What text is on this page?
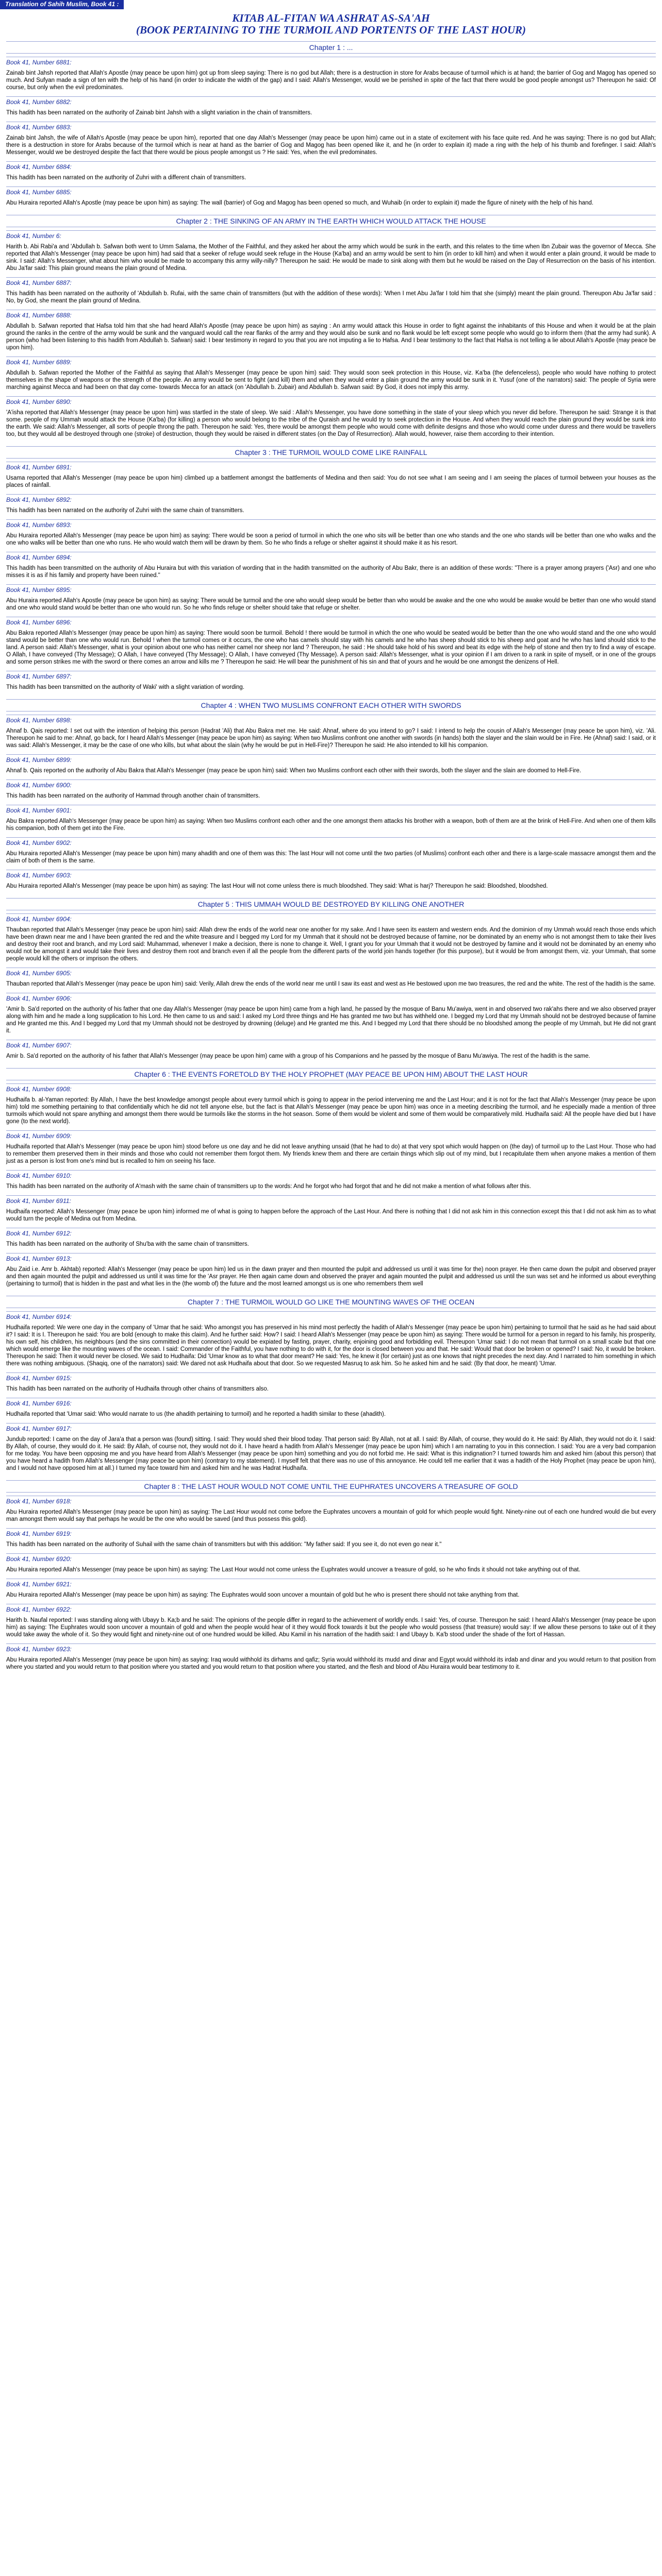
Translation of Sahih Muslim, Book 41 :
KITAB AL-FITAN WA ASHRAT AS-SA'AH
(BOOK PERTAINING TO THE TURMOIL AND PORTENTS OF THE LAST HOUR)
Chapter 1 : ...
Book 41, Number 6881:
Zainab bint Jahsh reported that Allah's Apostle (may peace be upon him) got up from sleep saying: There is no god but Allah; there is a destruction in store for Arabs because of turmoil which is at hand; the barrier of Gog and Magog has opened so much. And Sufyan made a sign of ten with the help of his hand (in order to indicate the width of the gap) and I said: Allah's Messenger, would we be perished in spite of the fact that there would be good people amongst us? Thereupon he said: Of course, but only when the evil predominates.
Book 41, Number 6882:
This hadith has been narrated on the authority of Zainab bint Jahsh with a slight variation in the chain of transmitters.
Book 41, Number 6883:
Zainab bint Jahsh, the wife of Allah's Apostle (may peace be upon him), reported that one day Allah's Messenger (may peace be upon him) came out in a state of excitement with his face quite red. And he was saying: There is no god but Allah; there is a destruction in store for Arabs because of the turmoil which is near at hand as the barrier of Gog and Magog has been opened like it, and he (in order to explain it) made a ring with the help of his thumb and forefinger. I said: Allah's Messenger, would we be destroyed despite the fact that there would be pious people amongst us ? He said: Yes, when the evil predominates.
Book 41, Number 6884:
This hadith has been narrated on the authority of Zuhri with a different chain of transmitters.
Book 41, Number 6885:
Abu Huraira reported Allah's Apostle (may peace be upon him) as saying: The wall (barrier) of Gog and Magog has been opened so much, and Wuhaib (in order to explain it) made the figure of ninety with the help of his hand.
Chapter 2 : THE SINKING OF AN ARMY IN THE EARTH WHICH WOULD ATTACK THE HOUSE
Book 41, Number 6:
Harith b. Abi Rabi'a and 'Abdullah b. Safwan both went to Umm Salama, the Mother of the Faithful, and they asked her about the army which would be sunk in the earth, and this relates to the time when Ibn Zubair was the governor of Mecca. She reported that Allah's Messenger (may peace be upon him) had said that a seeker of refuge would seek refuge in the House (Ka'ba) and an army would be sent to him (in order to kill him) and when it would enter a plain ground, it would be made to sink. I said: Allah's Messenger, what about him who would be made to accompany this army willy-nilly? Thereupon he said: He would be made to sink along with them but he would be raised on the Day of Resurrection on the basis of his intention. Abu Ja'far said: This plain ground means the plain ground of Medina.
Book 41, Number 6887:
This hadith has been narrated on the authority of 'Abdullah b. Rufai, with the same chain of transmitters (but with the addition of these words): 'When I met Abu Ja'far I told him that she (simply) meant the plain ground. Thereupon Abu Ja'far said : No, by God, she meant the plain ground of Medina.
Book 41, Number 6888:
Abdullah b. Safwan reported that Hafsa told him that she had heard Allah's Apostle (may peace be upon him) as saying : An army would attack this House in order to fight against the inhabitants of this House and when it would be at the plain ground the ranks in the centre of the army would be sunk and the vanguard would call the rear flanks of the army and they would also be sunk and no flank would be left except some people who would go to inform them (that the army had sunk). A person (who had been listening to this hadith from Abdullah b. Safwan) said: I bear testimony in regard to you that you are not imputing a lie to Hafsa. And I bear testimony to the fact that Hafsa is not telling a lie about Allah's Apostle (may peace be upon him).
Book 41, Number 6889:
Abdullah b. Safwan reported the Mother of the Faithful as saying that Allah's Messenger (may peace be upon him) said: They would soon seek protection in this House, viz. Ka'ba (the defenceless), people who would have nothing to protect themselves in the shape of weapons or the strength of the people. An army would be sent to fight (and kill) them and when they would enter a plain ground the army would be sunk in it. Yusuf (one of the narrators) said: The people of Syria were marching against Mecca and had been on that day come- towards Mecca for an attack (on 'Abdullah b. Zubair) and Abdullah b. Safwan said: By God, it does not imply this army.
Book 41, Number 6890:
'A'isha reported that Allah's Messenger (may peace be upon him) was startled in the state of sleep. We said : Allah's Messenger, you have done something in the state of your sleep which you never did before. Thereupon he said: Strange it is that some. people of my Ummah would attack the House (Ka'ba) (for killing) a person who would belong to the tribe of the Quraish and he would try to seek protection in the House. And when they would reach the plain ground they would be sunk into the earth. We said: Allah's Messenger, all sorts of people throng the path. Thereupon he said: Yes, there would be amongst them people who would come with definite designs and those who would come under duress and there would be travellers too, but they would all be destroyed through one (stroke) of destruction, though they would be raised in different states (on the Day of Resurrection). Allah would, however, raise them according to their intention.
Chapter 3 : THE TURMOIL WOULD COME LIKE RAINFALL
Book 41, Number 6891:
Usama reported that Allah's Messenger (may peace be upon him) climbed up a battlement amongst the battlements of Medina and then said: You do not see what I am seeing and I am seeing the places of turmoil between your houses as the places of rainfall.
Book 41, Number 6892:
This hadith has been narrated on the authority of Zuhri with the same chain of transmitters.
Book 41, Number 6893:
Abu Huraira reported Allah's Messenger (may peace be upon him) as saying: There would be soon a period of turmoil in which the one who sits will be better than one who stands and the one who stands will be better than one who walks and the one who walks will be better than one who runs. He who would watch them will be drawn by them. So he who finds a refuge or shelter against it should make it as his resort.
Book 41, Number 6894:
This hadith has been transmitted on the authority of Abu Huraira but with this variation of wording that in the hadith transmitted on the authority of Abu Bakr, there is an addition of these words: "There is a prayer among prayers ('Asr) and one who misses it is as if his family and property have been ruined."
Book 41, Number 6895:
Abu Huraira reported Allah's Apostle (may peace be upon him) as saying: There would be turmoil and the one who would sleep would be better than who would be awake and the one who would be awake would be better than one who would stand and one who would stand would be better than one who would run. So he who finds refuge or shelter should take that refuge or shelter.
Book 41, Number 6896:
Abu Bakra reported Allah's Messenger (may peace be upon him) as saying: There would soon be turmoil. Behold ! there would be turmoil in which the one who would be seated would be better than the one who would stand and the one who would stand would be better than one who would run. Behold ! when the turmoil comes or it occurs, the one who has camels should stay with his camels and he who has sheep should stick to his sheep and goat and he who has land should stick to the land. A person said: Allah's Messenger, what is your opinion about one who has neither camel nor sheep nor land ? Thereupon, he said : He should take hold of his sword and beat its edge with the help of stone and then try to find a way of escape. O Allah, I have conveyed (Thy Message); O Allah, I have conveyed (Thy Message); O Allah, I have conveyed (Thy Message). A person said: Allah's Messenger, what is your opinion if I am driven to a rank in spite of myself, or in one of the groups and some person strikes me with the sword or there comes an arrow and kills me ? Thereupon he said: He will bear the punishment of his sin and that of yours and he would be one amongst the denizens of Hell.
Book 41, Number 6897:
This hadith has been transmitted on the authority of Waki' with a slight variation of wording.
Chapter 4 : WHEN TWO MUSLIMS CONFRONT EACH OTHER WITH SWORDS
Book 41, Number 6898:
Ahnaf b. Qais reported: I set out with the intention of helping this person (Hadrat 'Ali) that Abu Bakra met me. He said: Ahnaf, where do you intend to go? I said: I intend to help the cousin of Allah's Messenger (may peace be upon him), viz. 'Ali. Thereupon he said to me: Ahnaf, go back, for I heard Allah's Messenger (may peace be upon him) as saying: When two Muslims confront one another with swords (in hands) both the slayer and the slain would be in Fire. He (Ahnaf) said: I said, or it was said: Allah's Messenger, it may be the case of one who kills, but what about the slain (why he would be put in Hell-Fire)? Thereupon he said: He also intended to kill his companion.
Book 41, Number 6899:
Ahnaf b. Qais reported on the authority of Abu Bakra that Allah's Messenger (may peace be upon him) said: When two Muslims confront each other with their swords, both the slayer and the slain are doomed to Hell-Fire.
Book 41, Number 6900:
This hadith has been narrated on the authority of Hammad through another chain of transmitters.
Book 41, Number 6901:
Abu Bakra reported Allah's Messenger (may peace be upon him) as saying: When two Muslims confront each other and the one amongst them attacks his brother with a weapon, both of them are at the brink of Hell-Fire. And when one of them kills his companion, both of them get into the Fire.
Book 41, Number 6902:
Abu Huraira reported Allah's Messenger (may peace be upon him) many ahadith and one of them was this: The last Hour will not come until the two parties (of Muslims) confront each other and there is a large-scale massacre amongst them and the claim of both of them is the same.
Book 41, Number 6903:
Abu Huraira reported Allah's Messenger (may peace be upon him) as saying: The last Hour will not come unless there is much bloodshed. They said: What is harj? Thereupon he said: Bloodshed, bloodshed.
Chapter 5 : THIS UMMAH WOULD BE DESTROYED BY KILLING ONE ANOTHER
Book 41, Number 6904:
Thauban reported that Allah's Messenger (may peace be upon him) said: Allah drew the ends of the world near one another for my sake. And I have seen its eastern and western ends. And the dominion of my Ummah would reach those ends which have been drawn near me and I have been granted the red and the white treasure and I begged my Lord for my Ummah that it should not be destroyed because of famine, nor be dominated by an enemy who is not amongst them to take their lives and destroy their root and branch, and my Lord said: Muhammad, whenever I make a decision, there is none to change it. Well, I grant you for your Ummah that it would not be destroyed by famine and it would not be dominated by an enemy who would not be amongst it and would take their lives and destroy them root and branch even if all the people from the different parts of the world join hands together (for this purpose), but it would be from amongst them, viz. your Ummah, that some people would kill the others or imprison the others.
Book 41, Number 6905:
Thauban reported that Allah's Messenger (may peace be upon him) said: Verily, Allah drew the ends of the world near me until I saw its east and west as He bestowed upon me two treasures, the red and the white. The rest of the hadith is the same.
Book 41, Number 6906:
'Amir b. Sa'd reported on the authority of his father that one day Allah's Messenger (may peace be upon him) came from a high land, he passed by the mosque of Banu Mu'awiya, went in and observed two rak'ahs there and we also observed prayer along with him and he made a long supplication to his Lord. He then came to us and said: I asked my Lord three things and He has granted me two but has withheld one. I begged my Lord that my Ummah should not be destroyed because of famine and He granted me this. And I begged my Lord that my Ummah should not be destroyed by drowning (deluge) and He granted me this. And I begged my Lord that there should be no bloodshed among the people of my Ummah, but He did not grant it.
Book 41, Number 6907:
Amir b. Sa'd reported on the authority of his father that Allah's Messenger (may peace be upon him) came with a group of his Companions and he passed by the mosque of Banu Mu'awiya. The rest of the hadith is the same.
Chapter 6 : THE EVENTS FORETOLD BY THE HOLY PROPHET (MAY PEACE BE UPON HIM) ABOUT THE LAST HOUR
Book 41, Number 6908:
Hudhaifa b. al-Yaman reported: By Allah, I have the best knowledge amongst people about every turmoil which is going to appear in the period intervening me and the Last Hour; and it is not for the fact that Allah's Messenger (may peace be upon him) told me something pertaining to that confidentially which he did not tell anyone else, but the fact is that Allah's Messenger (may peace be upon him) was once in a meeting describing the turmoil, and he especially made a mention of three turmoils which would not spare anything and amongst them there would be turmoils like the storms in the hot season. Some of them would be violent and some of them would be comparatively mild. Hudhaifa said: All the people have died but I have gone (to the next world).
Book 41, Number 6909:
Hudhaifa reported that Allah's Messenger (may peace be upon him) stood before us one day and he did not leave anything unsaid (that he had to do) at that very spot which would happen on (the day) of turmoil up to the Last Hour. Those who had to remember them preserved them in their minds and those who could not remember them forgot them. My friends knew them and there are certain things which slip out of my mind, but I recapitulate them when anyone makes a mention of them just as a person is lost from one's mind but is recalled to him on seeing his face.
Book 41, Number 6910:
This hadith has been narrated on the authority of A'mash with the same chain of transmitters up to the words: And he forgot who had forgot that and he did not make a mention of what follows after this.
Book 41, Number 6911:
Hudhaifa reported: Allah's Messenger (may peace be upon him) informed me of what is going to happen before the approach of the Last Hour. And there is nothing that I did not ask him in this connection except this that I did not ask him as to what would turn the people of Medina out from Medina.
Book 41, Number 6912:
This hadith has been narrated on the authority of Shu'ba with the same chain of transmitters.
Book 41, Number 6913:
Abu Zaid i.e. Amr b. Akhtab) reported: Allah's Messenger (may peace be upon him) led us in the dawn prayer and then mounted the pulpit and addressed us until it was time for the) noon prayer. He then came down the pulpit and observed prayer and then again mounted the pulpit and addressed us until it was time for the 'Asr prayer. He then again came down and observed the prayer and again mounted the pulpit and addressed us until the sun was set and he informed us about everything (pertaining to turmoil) that is hidden in the past and what lies in the (the womb of) the future and the most learned amongst us is one who remembers them well
Chapter 7 : THE TURMOIL WOULD GO LIKE THE MOUNTING WAVES OF THE OCEAN
Book 41, Number 6914:
Hudhaifa reported: We were one day in the company of 'Umar that he said: Who amongst you has preserved in his mind most perfectly the hadith of Allah's Messenger (may peace be upon him) pertaining to turmoil that he said as he had said about it? I said: It is I. Thereupon he said: You are bold (enough to make this claim). And he further said: How? I said: I heard Allah's Messenger (may peace be upon him) as saying: There would be turmoil for a person in regard to his family, his prosperity, his own self, his children, his neighbours (and the sins committed in their connection) would be expiated by fasting, prayer, charity, enjoining good and forbidding evil. Thereupon 'Umar said: I do not mean that turmoil on a small scale but that one which would emerge like the mounting waves of the ocean. I said: Commander of the Faithful, you have nothing to do with it, for the door is closed between you and that. He said: Would that door be broken or opened? I said: No, it would be broken. Thereupon he said: Then it would never be closed. We said to Hudhaifa: Did 'Umar know as to what that door meant? He said: Yes, he knew it (for certain) just as one knows that night precedes the next day. And I narrated to him something in which there was nothing ambiguous. (Shaqiq, one of the narrators) said: We dared not ask Hudhaifa about that door. So we requested Masruq to ask him. So he asked him and he said: (By that door, he meant) 'Umar.
Book 41, Number 6915:
This hadith has been narrated on the authority of Hudhaifa through other chains of transmitters also.
Book 41, Number 6916:
Hudhaifa reported that 'Umar said: Who would narrate to us (the ahadith pertaining to turmoil) and he reported a hadith similar to these (ahadith).
Book 41, Number 6917:
Jundub reported: I came on the day of Jara'a that a person was (found) sitting. I said: They would shed their blood today. That person said: By Allah, not at all. I said: By Allah, of course, they would do it. He said: By Allah, they would not do it. I said: By Allah, of course, they would do it. He said: By Allah, of course not, they would not do it. I have heard a hadith from Allah's Messenger (may peace be upon him) which I am narrating to you in this connection. I said: You are a very bad companion for me today. You have been opposing me and you have heard from Allah's Messenger (may peace be upon him) something and you do not forbid me. He said: What is this indignation? I turned towards him and asked him (about this person) that you have heard a hadith from Allah's Messenger (may peace be upon him) (contrary to my statement). I myself felt that there was no use of this annoyance. He could tell me earlier that it was a hadith of the Holy Prophet (may peace be upon him), and I would not have opposed him at all.) I turned my face toward him and asked him and he was Hadrat Hudhaifa.
Chapter 8 : THE LAST HOUR WOULD NOT COME UNTIL THE EUPHRATES UNCOVERS A TREASURE OF GOLD
Book 41, Number 6918:
Abu Huraira reported Allah's Messenger (may peace be upon him) as saying: The Last Hour would not come before the Euphrates uncovers a mountain of gold for which people would fight. Ninety-nine out of each one hundred would die but every man amongst them would say that perhaps he would be the one who would be saved (and thus possess this gold).
Book 41, Number 6919:
This hadith has been narrated on the authority of Suhail with the same chain of transmitters but with this addition: "My father said: If you see it, do not even go near it."
Book 41, Number 6920:
Abu Huraira reported Allah's Messenger (may peace be upon him) as saying: The Last Hour would not come unless the Euphrates would uncover a treasure of gold, so he who finds it should not take anything out of that.
Book 41, Number 6921:
Abu Huraira reported Allah's Messenger (may peace be upon him) as saying: The Euphrates would soon uncover a mountain of gold but he who is present there should not take anything from that.
Book 41, Number 6922:
Harith b. Naufal reported: I was standing along with Ubayy b. Ka;b and he said: The opinions of the people differ in regard to the achievement of worldly ends. I said: Yes, of course. Thereupon he said: I heard Allah's Messenger (may peace be upon him) as saying: The Euphrates would soon uncover a mountain of gold and when the people would hear of it they would flock towards it but the people who would possess (that treasure) would say: If we allow these persons to take out of it they would take away the whole of it. So they would fight and ninety-nine out of one hundred would be killed. Abu Kamil in his narration of the hadith said: I and Ubayy b. Ka'b stood under the shade of the fort of Hassan.
Book 41, Number 6923:
Abu Huraira reported Allah's Messenger (may peace be upon him) as saying: Iraq would withhold its dirhams and qafiz; Syria would withhold its mudd and dinar and Egypt would withhold its irdab and dinar and you would return to that position from where you started and you would return to that position where you started and you would return to that position where you started, and the flesh and blood of Abu Huraira would bear testimony to it.
